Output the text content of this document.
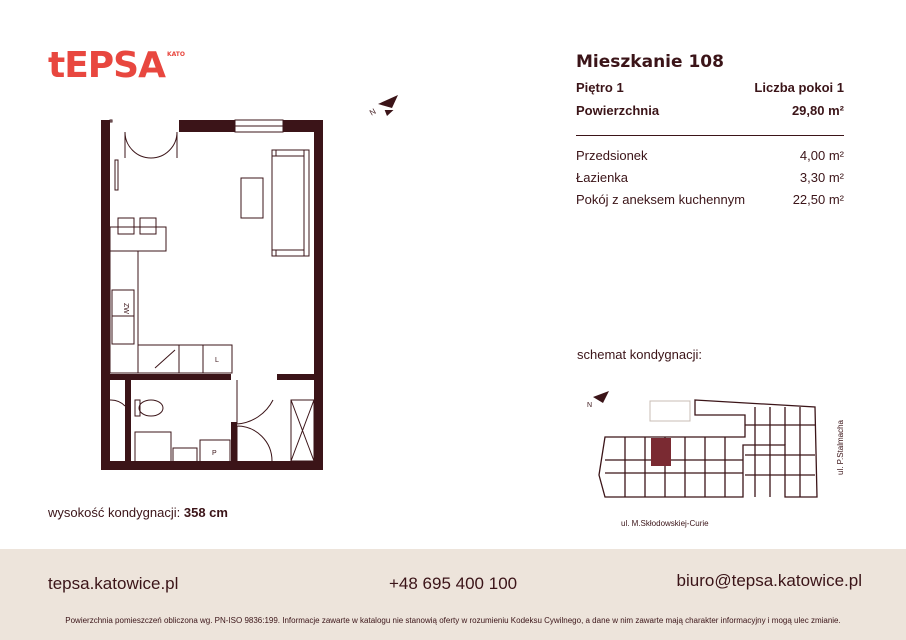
tEPSA KATO
ZW
L
P
N
Mieszkanie 108
Piętro 1	Liczba pokoi 1
Powierzchnia	29,80 m²
Przedsionek	4,00 m²
Łazienka	3,30 m²
Pokój z aneksem kuchennym	22,50 m²
schemat kondygnacji:
N
ul. M.Skłodowskiej-Curie
ul. P.Stalmacha
wysokość kondygnacji: 358 cm
tepsa.katowice.pl	+48 695 400 100	biuro@tepsa.katowice.pl
Powierzchnia pomieszczeń obliczona wg. PN-ISO 9836:199. Informacje zawarte w katalogu nie stanowią oferty w rozumieniu Kodeksu Cywilnego, a dane w nim zawarte mają charakter informacyjny i mogą ulec zmianie.
